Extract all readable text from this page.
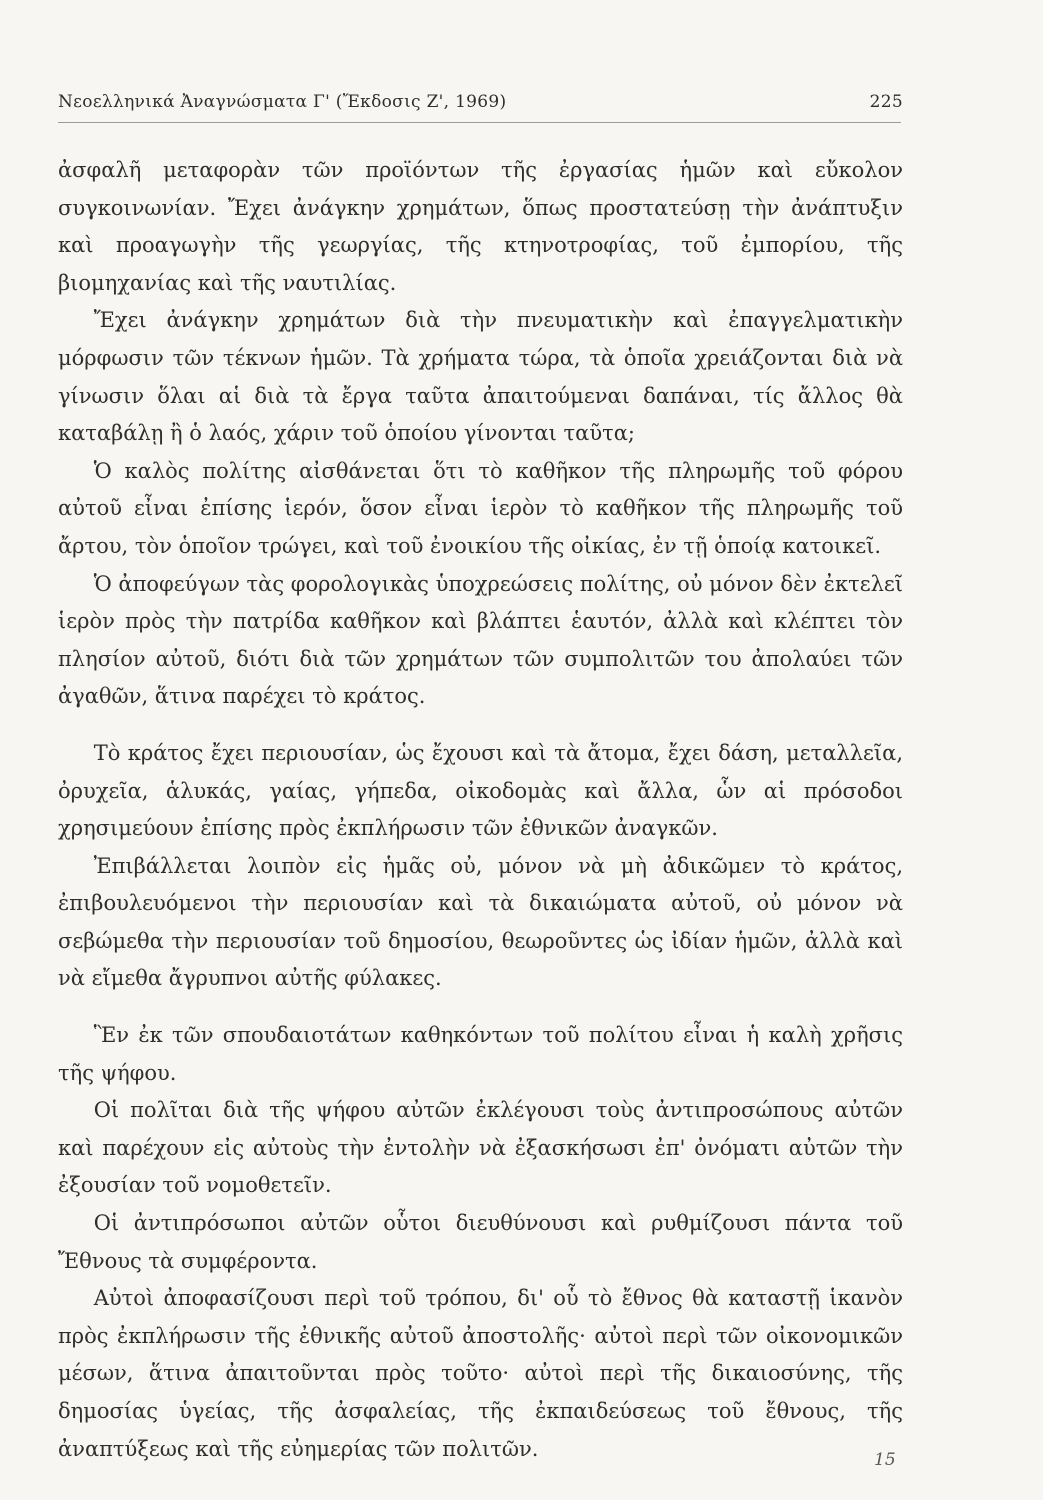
Νεοελληνικά Ἀναγνώσματα Γ' (Ἔκδοσις Ζ', 1969)	225

ἀσφαλῆ μεταφορὰν τῶν προϊόντων τῆς ἐργασίας ἡμῶν καὶ εὔκολον συγκοινωνίαν. Ἔχει ἀνάγκην χρημάτων, ὅπως προστατεύσῃ τὴν ἀνάπτυξιν καὶ προαγωγὴν τῆς γεωργίας, τῆς κτηνοτροφίας, τοῦ ἐμπορίου, τῆς βιομηχανίας καὶ τῆς ναυτιλίας.

Ἔχει ἀνάγκην χρημάτων διὰ τὴν πνευματικὴν καὶ ἐπαγγελματικὴν μόρφωσιν τῶν τέκνων ἡμῶν. Τὰ χρήματα τώρα, τὰ ὁποῖα χρειάζονται διὰ νὰ γίνωσιν ὅλαι αἱ διὰ τὰ ἔργα ταῦτα ἀπαιτούμεναι δαπάναι, τίς ἄλλος θὰ καταβάλῃ ἢ ὁ λαός, χάριν τοῦ ὁποίου γίνονται ταῦτα;

Ὁ καλὸς πολίτης αἰσθάνεται ὅτι τὸ καθῆκον τῆς πληρωμῆς τοῦ φόρου αὐτοῦ εἶναι ἐπίσης ἱερόν, ὅσον εἶναι ἱερὸν τὸ καθῆκον τῆς πληρωμῆς τοῦ ἄρτου, τὸν ὁποῖον τρώγει, καὶ τοῦ ἐνοικίου τῆς οἰκίας, ἐν τῇ ὁποίᾳ κατοικεῖ.

Ὁ ἀποφεύγων τὰς φορολογικὰς ὑποχρεώσεις πολίτης, οὐ μόνον δὲν ἐκτελεῖ ἱερὸν πρὸς τὴν πατρίδα καθῆκον καὶ βλάπτει ἑαυτόν, ἀλλὰ καὶ κλέπτει τὸν πλησίον αὐτοῦ, διότι διὰ τῶν χρημάτων τῶν συμπολιτῶν του ἀπολαύει τῶν ἀγαθῶν, ἅτινα παρέχει τὸ κράτος.

Τὸ κράτος ἔχει περιουσίαν, ὡς ἔχουσι καὶ τὰ ἄτομα, ἔχει δάση, μεταλλεῖα, ὀρυχεῖα, ἁλυκάς, γαίας, γήπεδα, οἰκοδομὰς καὶ ἄλλα, ὧν αἱ πρόσοδοι χρησιμεύουν ἐπίσης πρὸς ἐκπλήρωσιν τῶν ἐθνικῶν ἀναγκῶν.

Ἐπιβάλλεται λοιπὸν εἰς ἡμᾶς οὐ, μόνον νὰ μὴ ἀδικῶμεν τὸ κράτος, ἐπιβουλευόμενοι τὴν περιουσίαν καὶ τὰ δικαιώματα αὐτοῦ, οὐ μόνον νὰ σεβώμεθα τὴν περιουσίαν τοῦ δημοσίου, θεωροῦντες ὡς ἰδίαν ἡμῶν, ἀλλὰ καὶ νὰ εἴμεθα ἄγρυπνοι αὐτῆς φύλακες.

Ἓν ἐκ τῶν σπουδαιοτάτων καθηκόντων τοῦ πολίτου εἶναι ἡ καλὴ χρῆσις τῆς ψήφου.

Οἱ πολῖται διὰ τῆς ψήφου αὐτῶν ἐκλέγουσι τοὺς ἀντιπροσώπους αὐτῶν καὶ παρέχουν εἰς αὐτοὺς τὴν ἐντολὴν νὰ ἐξασκήσωσι ἐπ' ὀνόματι αὐτῶν τὴν ἐξουσίαν τοῦ νομοθετεῖν.

Οἱ ἀντιπρόσωποι αὐτῶν οὗτοι διευθύνουσι καὶ ρυθμίζουσι πάντα τοῦ Ἔθνους τὰ συμφέροντα.

Αὐτοὶ ἀποφασίζουσι περὶ τοῦ τρόπου, δι' οὗ τὸ ἔθνος θὰ καταστῇ ἱκανὸν πρὸς ἐκπλήρωσιν τῆς ἐθνικῆς αὐτοῦ ἀποστολῆς· αὐτοὶ περὶ τῶν οἰκονομικῶν μέσων, ἅτινα ἀπαιτοῦνται πρὸς τοῦτο· αὐτοὶ περὶ τῆς δικαιοσύνης, τῆς δημοσίας ὑγείας, τῆς ἀσφαλείας, τῆς ἐκπαιδεύσεως τοῦ ἔθνους, τῆς ἀναπτύξεως καὶ τῆς εὐημερίας τῶν πολιτῶν.	15
